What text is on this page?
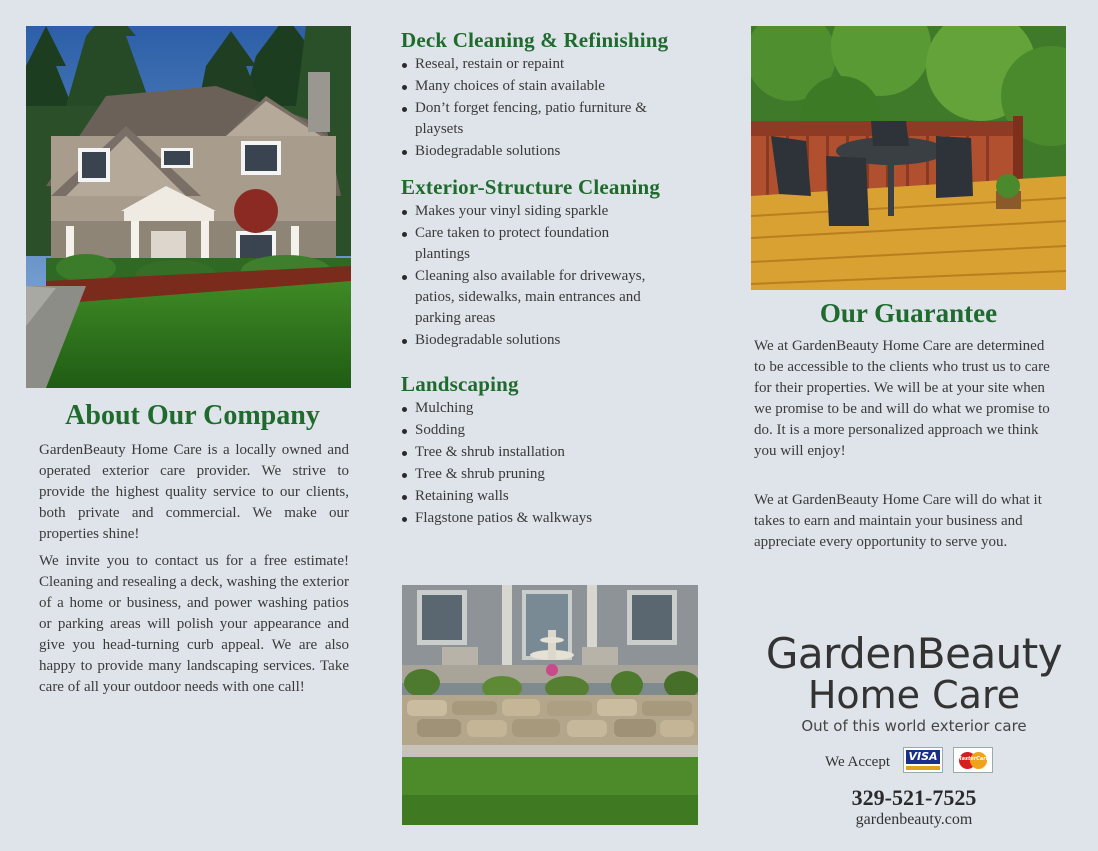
About Our Company

GardenBeauty Home Care is a locally owned and operated exterior care provider. We strive to provide the highest quality service to our clients, both private and commercial. We make our properties shine!

We invite you to contact us for a free estimate! Cleaning and resealing a deck, washing the exterior of a home or business, and power washing patios or parking areas will polish your appearance and give you head-turning curb appeal. We are also happy to provide many landscaping services. Take care of all your outdoor needs with one call!

Deck Cleaning & Refinishing
Reseal, restain or repaint
Many choices of stain available
Don’t forget fencing, patio furniture & playsets
Biodegradable solutions
Exterior-Structure Cleaning
Makes your vinyl siding sparkle
Care taken to protect foundation plantings
Cleaning also available for driveways, patios, sidewalks, main entrances and parking areas
Biodegradable solutions
Landscaping
Mulching
Sodding
Tree & shrub installation
Tree & shrub pruning
Retaining walls
Flagstone patios & walkways
Our Guarantee

We at GardenBeauty Home Care are determined to be accessible to the clients who trust us to care for their properties. We will be at your site when we promise to be and will do what we promise to do. It is a more personalized approach we think you will enjoy!

We at GardenBeauty Home Care will do what it takes to earn and maintain your business and appreciate every opportunity to serve you.

GardenBeauty
Home Care
Out of this world exterior care
We Accept VISA	MasterCard
329-521-7525
gardenbeauty.com
